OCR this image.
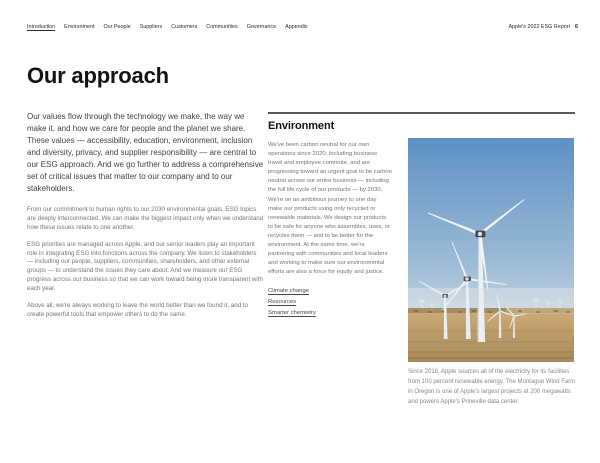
Introduction Environment Our People Suppliers Customers Communities Governance Appendix	Apple's 2022 ESG Report 6
Our approach

Our values flow through the technology we make, the way we make it, and how we care for people and the planet we share. These values — accessibility, education, environment, inclusion and diversity, privacy, and supplier responsibility — are central to our ESG approach. And we go further to address a comprehensive set of critical issues that matter to our company and to our stakeholders.

From our commitment to human rights to our 2030 environmental goals, ESG topics are deeply interconnected. We can make the biggest impact only when we understand how these issues relate to one another.

ESG priorities are managed across Apple, and our senior leaders play an important role in integrating ESG into functions across the company. We listen to stakeholders — including our people, suppliers, communities, shareholders, and other external groups — to understand the issues they care about. And we measure our ESG progress across our business so that we can work toward being more transparent with each year.

Above all, we're always working to leave the world better than we found it, and to create powerful tools that empower others to do the same.

Environment

We've been carbon neutral for our own operations since 2020, including business travel and employee commute, and are progressing toward an urgent goal to be carbon neutral across our entire business — including the full life cycle of our products — by 2030. We're on an ambitious journey to one day make our products using only recycled or renewable materials. We design our products to be safe for anyone who assembles, uses, or recycles them — and to be better for the environment. At the same time, we're partnering with communities and local leaders and working to make sure our environmental efforts are also a force for equity and justice.

Climate change
Resources
Smarter chemistry

Since 2018, Apple sources all of the electricity for its facilities from 100 percent renewable energy. The Montague Wind Farm in Oregon is one of Apple's largest projects at 200 megawatts and powers Apple's Prineville data center.
